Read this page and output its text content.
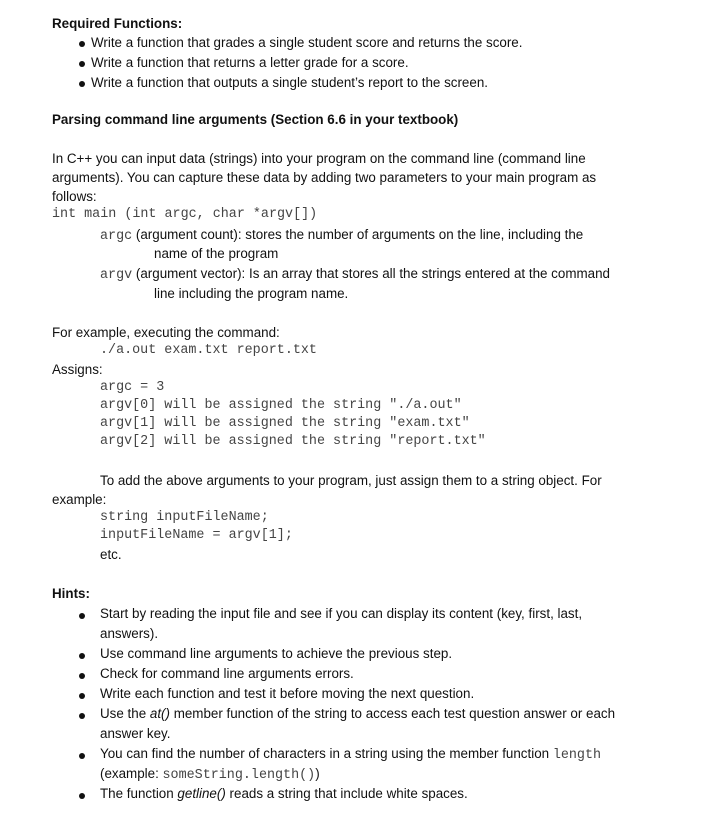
Required Functions:
Write a function that grades a single student score and returns the score.
Write a function that returns a letter grade for a score.
Write a function that outputs a single student’s report to the screen.
Parsing command line arguments (Section 6.6 in your textbook)
In C++ you can input data (strings) into your program on the command line (command line
arguments). You can capture these data by adding two parameters to your main program as
follows:
int main (int argc, char *argv[])
argc (argument count): stores the number of arguments on the line, including the
name of the program
argv (argument vector): Is an array that stores all the strings entered at the command
line including the program name.
For example, executing the command:
./a.out exam.txt report.txt
Assigns:
argc = 3
argv[0] will be assigned the string "./a.out"
argv[1] will be assigned the string "exam.txt"
argv[2] will be assigned the string "report.txt"
To add the above arguments to your program, just assign them to a string object. For
example:
string inputFileName;
inputFileName = argv[1];
etc.
Hints:
Start by reading the input file and see if you can display its content (key, first, last,
answers).
Use command line arguments to achieve the previous step.
Check for command line arguments errors.
Write each function and test it before moving the next question.
Use the at() member function of the string to access each test question answer or each
answer key.
You can find the number of characters in a string using the member function length
(example: someString.length())
The function getline() reads a string that include white spaces.
